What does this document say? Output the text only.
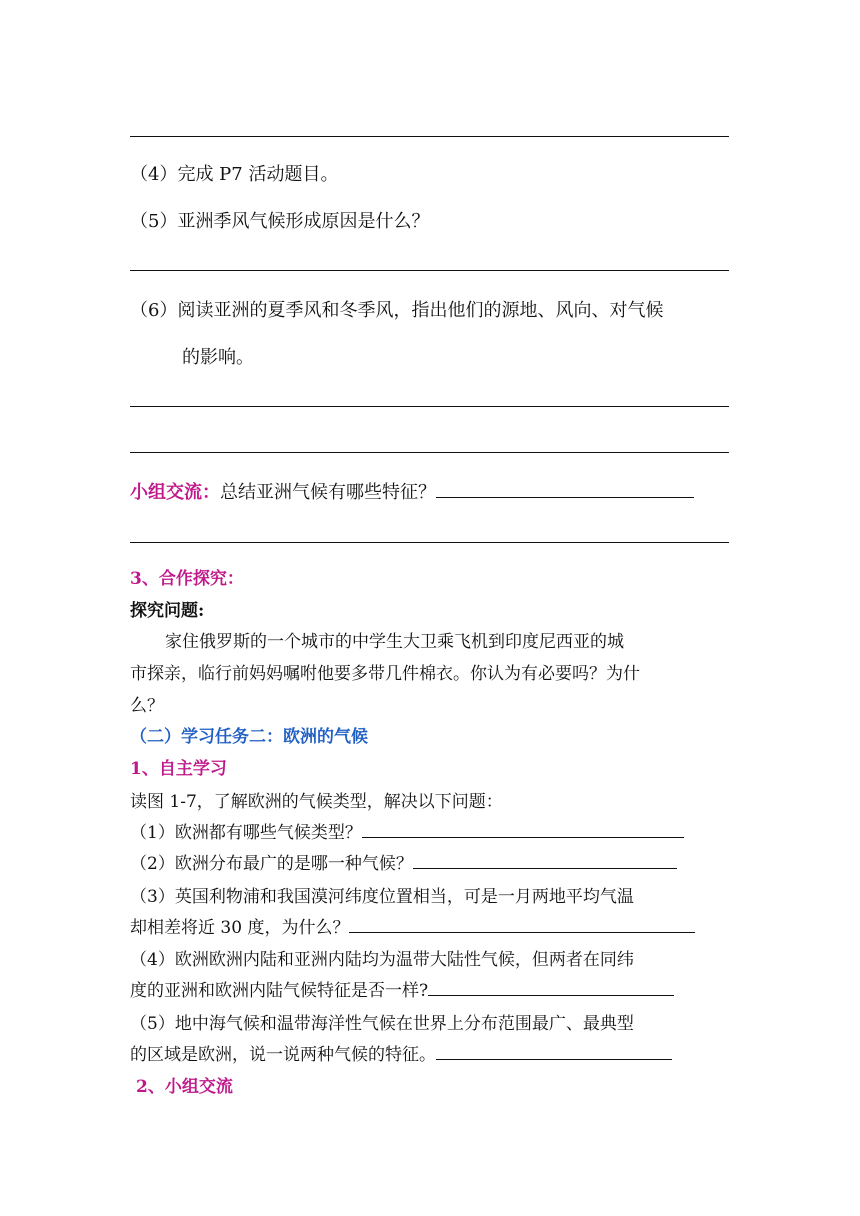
（4）完成 P7 活动题目。
（5）亚洲季风气候形成原因是什么？
（6）阅读亚洲的夏季风和冬季风，指出他们的源地、风向、对气候
的影响。
小组交流：总结亚洲气候有哪些特征？
3、合作探究：
探究问题:
家住俄罗斯的一个城市的中学生大卫乘飞机到印度尼西亚的城
市探亲，临行前妈妈嘱咐他要多带几件棉衣。你认为有必要吗？为什
么？
（二）学习任务二：欧洲的气候
1、自主学习
读图 1-7，了解欧洲的气候类型，解决以下问题：
（1）欧洲都有哪些气候类型？
（2）欧洲分布最广的是哪一种气候？
（3）英国利物浦和我国漠河纬度位置相当，可是一月两地平均气温
却相差将近 30 度，为什么？
（4）欧洲欧洲内陆和亚洲内陆均为温带大陆性气候，但两者在同纬
度的亚洲和欧洲内陆气候特征是否一样?
（5）地中海气候和温带海洋性气候在世界上分布范围最广、最典型
的区域是欧洲，说一说两种气候的特征。
2、小组交流
